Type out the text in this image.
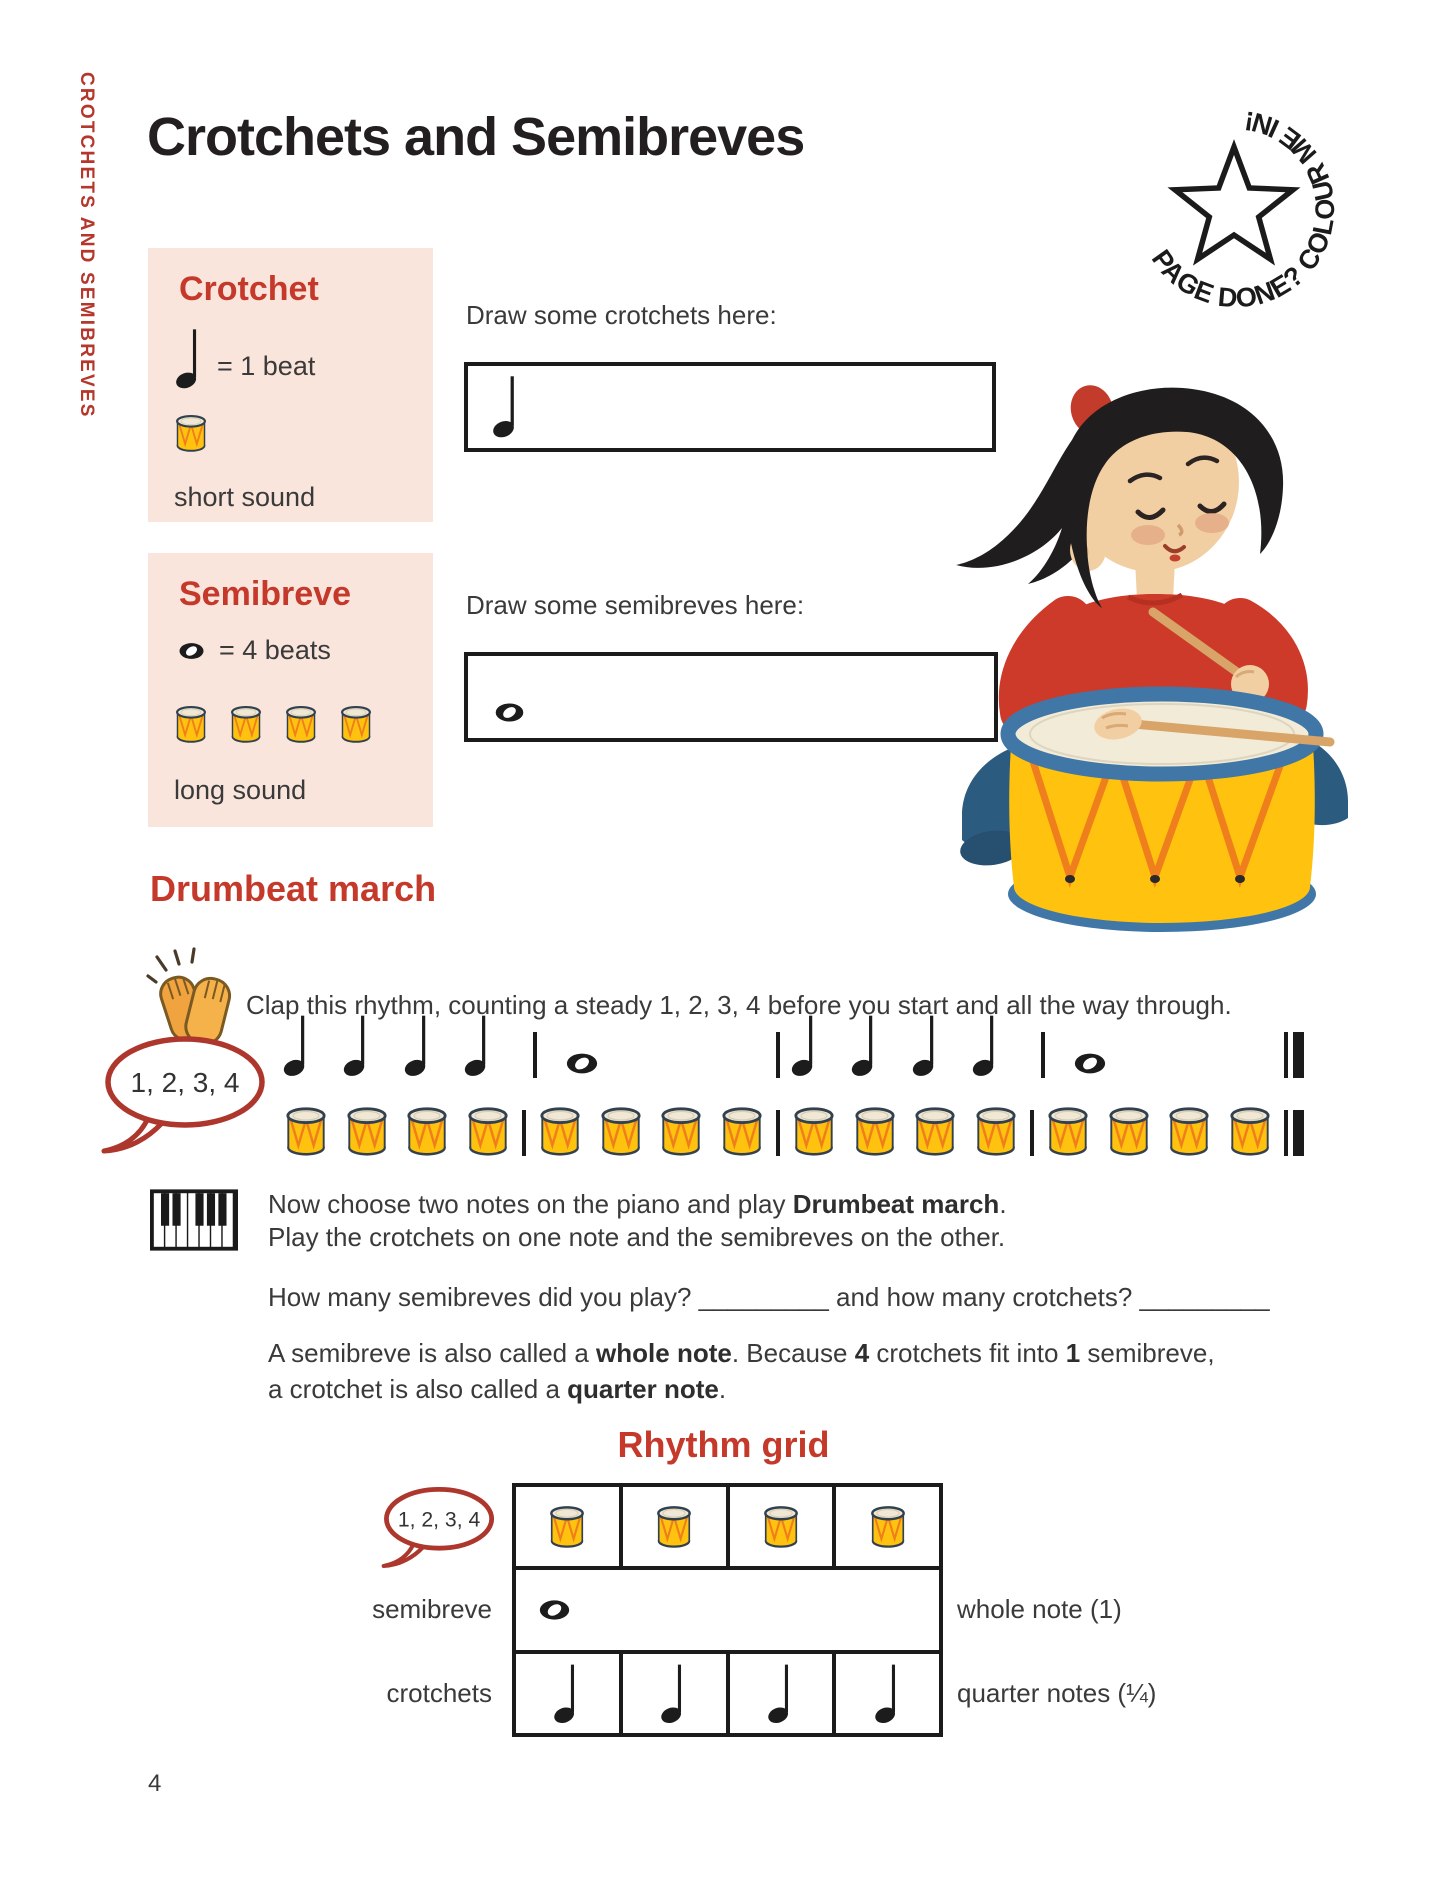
CROTCHETS AND SEMIBREVES Crotchets and Semibreves
PAGE DONE? COLOUR ME IN!
Crotchet
= 1 beat
short sound
Semibreve
= 4 beats
long sound
Draw some crotchets here:
Draw some semibreves here:
Drumbeat march
Clap this rhythm, counting a steady 1, 2, 3, 4 before you start and all the way through.
1, 2, 3, 4
Now choose two notes on the piano and play Drumbeat march.
Play the crotchets on one note and the semibreves on the other.
How many semibreves did you play? _________ and how many crotchets? _________
A semibreve is also called a whole note. Because 4 crotchets fit into 1 semibreve,
a crotchet is also called a quarter note.
Rhythm grid
1, 2, 3, 4
semibreve	whole note (1)
crotchets	quarter notes (¼)
4
